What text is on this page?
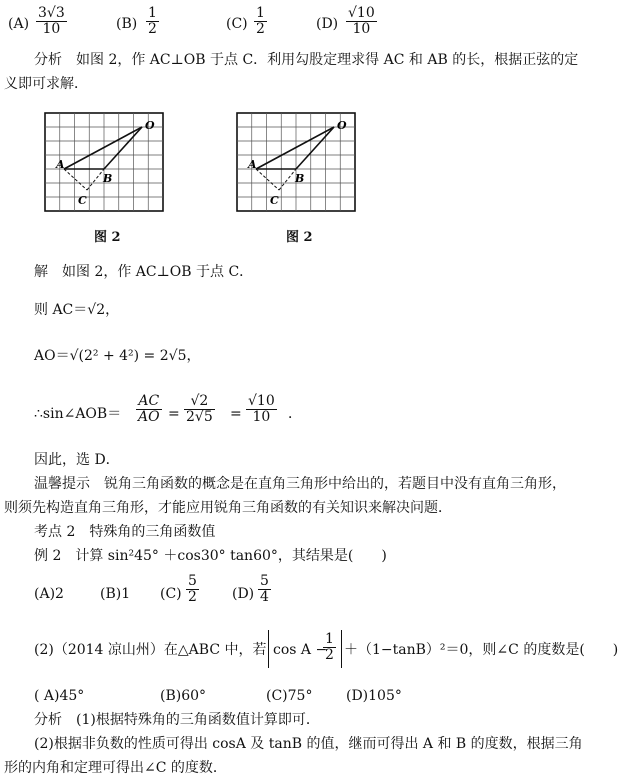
$(A) \frac{3√3}{10}$	$(B) \frac{1}{2}$	$(C) \frac{1}{2}$	$(D) \frac{√10}{10}$
分析　如图 2，作 AC⊥OB 于点 C．利用勾股定理求得 AC 和 AB 的长，根据正弦的定
义即可求解．
O
A
B
C
图 2
O
A
B
C
图 2
解　如图 2，作 AC⊥OB 于点 C．
则 AC＝√2，
AO＝√(2² + 4²) = 2√5，
∴sin∠AOB＝ $\frac{AC}{AO} = \frac{√2}{2√5} = \frac{√10}{10}$ ．
因此，选 D．
温馨提示　锐角三角函数的概念是在直角三角形中给出的，若题目中没有直角三角形，
则须先构造直角三角形，才能应用锐角三角函数的有关知识来解决问题．
考点 2　特殊角的三角函数值
例 2　计算 sin²45° ＋cos30° tan60°，其结果是(　　)
(A)2	(B)1 $(C) \frac{5}{2} (D) \frac{5}{4}$
(2)（2014 凉山州）在△ABC 中，若 cos A −
$\frac{1}{2} +(1-\tan B)^2=0$，则∠C 的度数是(　　)
( A)45°	(B)60°	(C)75° (D)105°
分析　(1)根据特殊角的三角函数值计算即可．
(2)根据非负数的性质可得出 cosA 及 tanB 的值，继而可得出 A 和 B 的度数，根据三角
形的内角和定理可得出∠C 的度数．
